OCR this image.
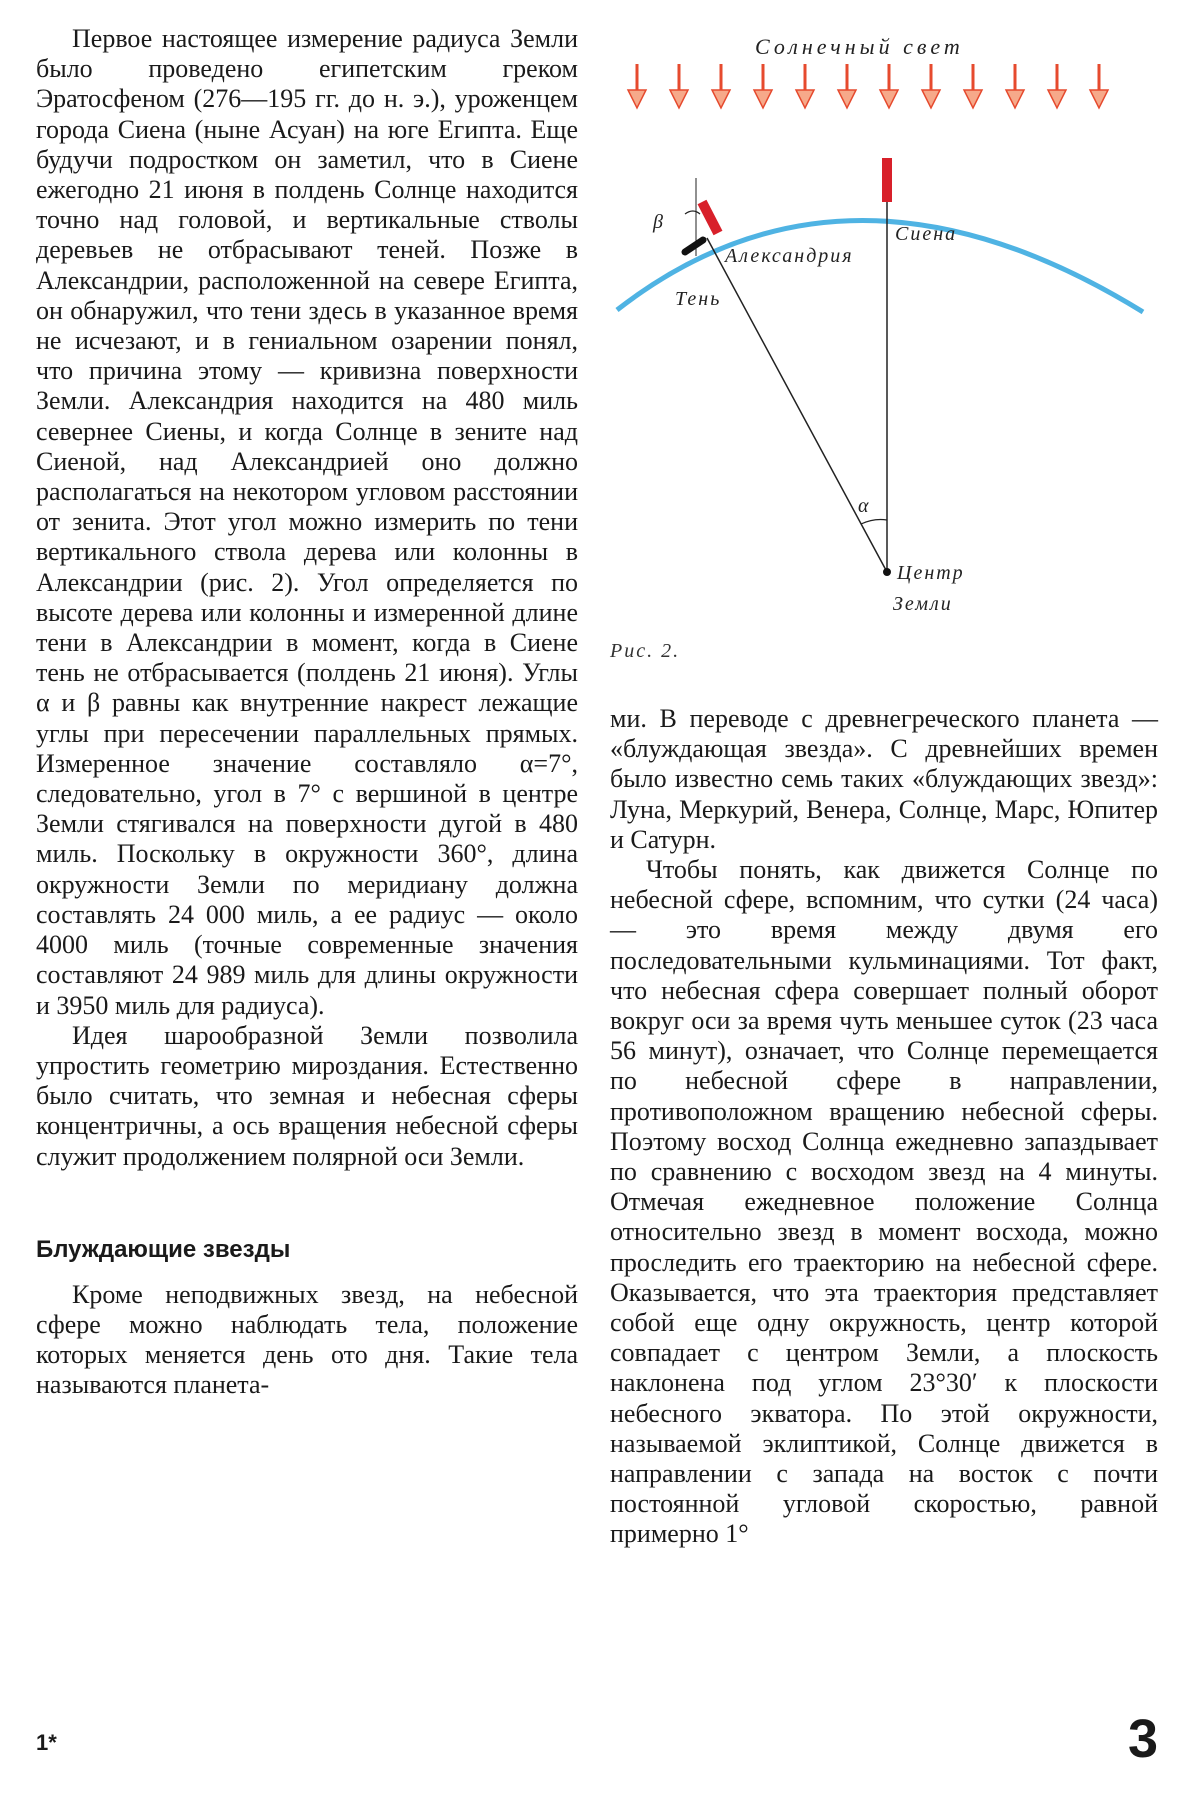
Первое настоящее измерение радиуса Земли было проведено египетским греком Эратосфеном (276—195 гг. до н. э.), уроженцем города Сиена (ныне Асуан) на юге Египта. Еще будучи подростком он заметил, что в Сиене ежегодно 21 июня в полдень Солнце находится точно над головой, и вертикальные стволы деревьев не отбрасывают теней. Позже в Александрии, расположенной на севере Египта, он обнаружил, что тени здесь в указанное время не исчезают, и в гениальном озарении понял, что причина этому — кривизна поверхности Земли. Александрия находится на 480 миль севернее Сиены, и когда Солнце в зените над Сиеной, над Александрией оно должно располагаться на некотором угловом расстоянии от зенита. Этот угол можно измерить по тени вертикального ствола дерева или колонны в Александрии (рис. 2). Угол определяется по высоте дерева или колонны и измеренной длине тени в Александрии в момент, когда в Сиене тень не отбрасывается (полдень 21 июня). Углы α и β равны как внутренние накрест лежащие углы при пересечении параллельных прямых. Измеренное значение составляло α=7°, следовательно, угол в 7° с вершиной в центре Земли стягивался на поверхности дугой в 480 миль. Поскольку в окружности 360°, длина окружности Земли по меридиану должна составлять 24 000 миль, а ее радиус — около 4000 миль (точные современные значения составляют 24 989 миль для длины окружности и 3950 миль для радиуса).

Идея шарообразной Земли позволила упростить геометрию мироздания. Естественно было считать, что земная и небесная сферы концентричны, а ось вращения небесной сферы служит продолжением полярной оси Земли.

Блуждающие звезды

Кроме неподвижных звезд, на небесной сфере можно наблюдать тела, положение которых меняется день ото дня. Такие тела называются планета-

Солнечный свет
β
Александрия
Тень
Сиена
α
Центр
Земли
Рис. 2.

ми. В переводе с древнегреческого планета — «блуждающая звезда». С древнейших времен было известно семь таких «блуждающих звезд»: Луна, Меркурий, Венера, Солнце, Марс, Юпитер и Сатурн.

Чтобы понять, как движется Солнце по небесной сфере, вспомним, что сутки (24 часа) — это время между двумя его последовательными кульминациями. Тот факт, что небесная сфера совершает полный оборот вокруг оси за время чуть меньшее суток (23 часа 56 минут), означает, что Солнце перемещается по небесной сфере в направлении, противоположном вращению небесной сферы. Поэтому восход Солнца ежедневно запаздывает по сравнению с восходом звезд на 4 минуты. Отмечая ежедневное положение Солнца относительно звезд в момент восхода, можно проследить его траекторию на небесной сфере. Оказывается, что эта траектория представляет собой еще одну окружность, центр которой совпадает с центром Земли, а плоскость наклонена под углом 23°30′ к плоскости небесного экватора. По этой окружности, называемой эклиптикой, Солнце движется в направлении с запада на восток с почти постоянной угловой скоростью, равной примерно 1°

1*	3
